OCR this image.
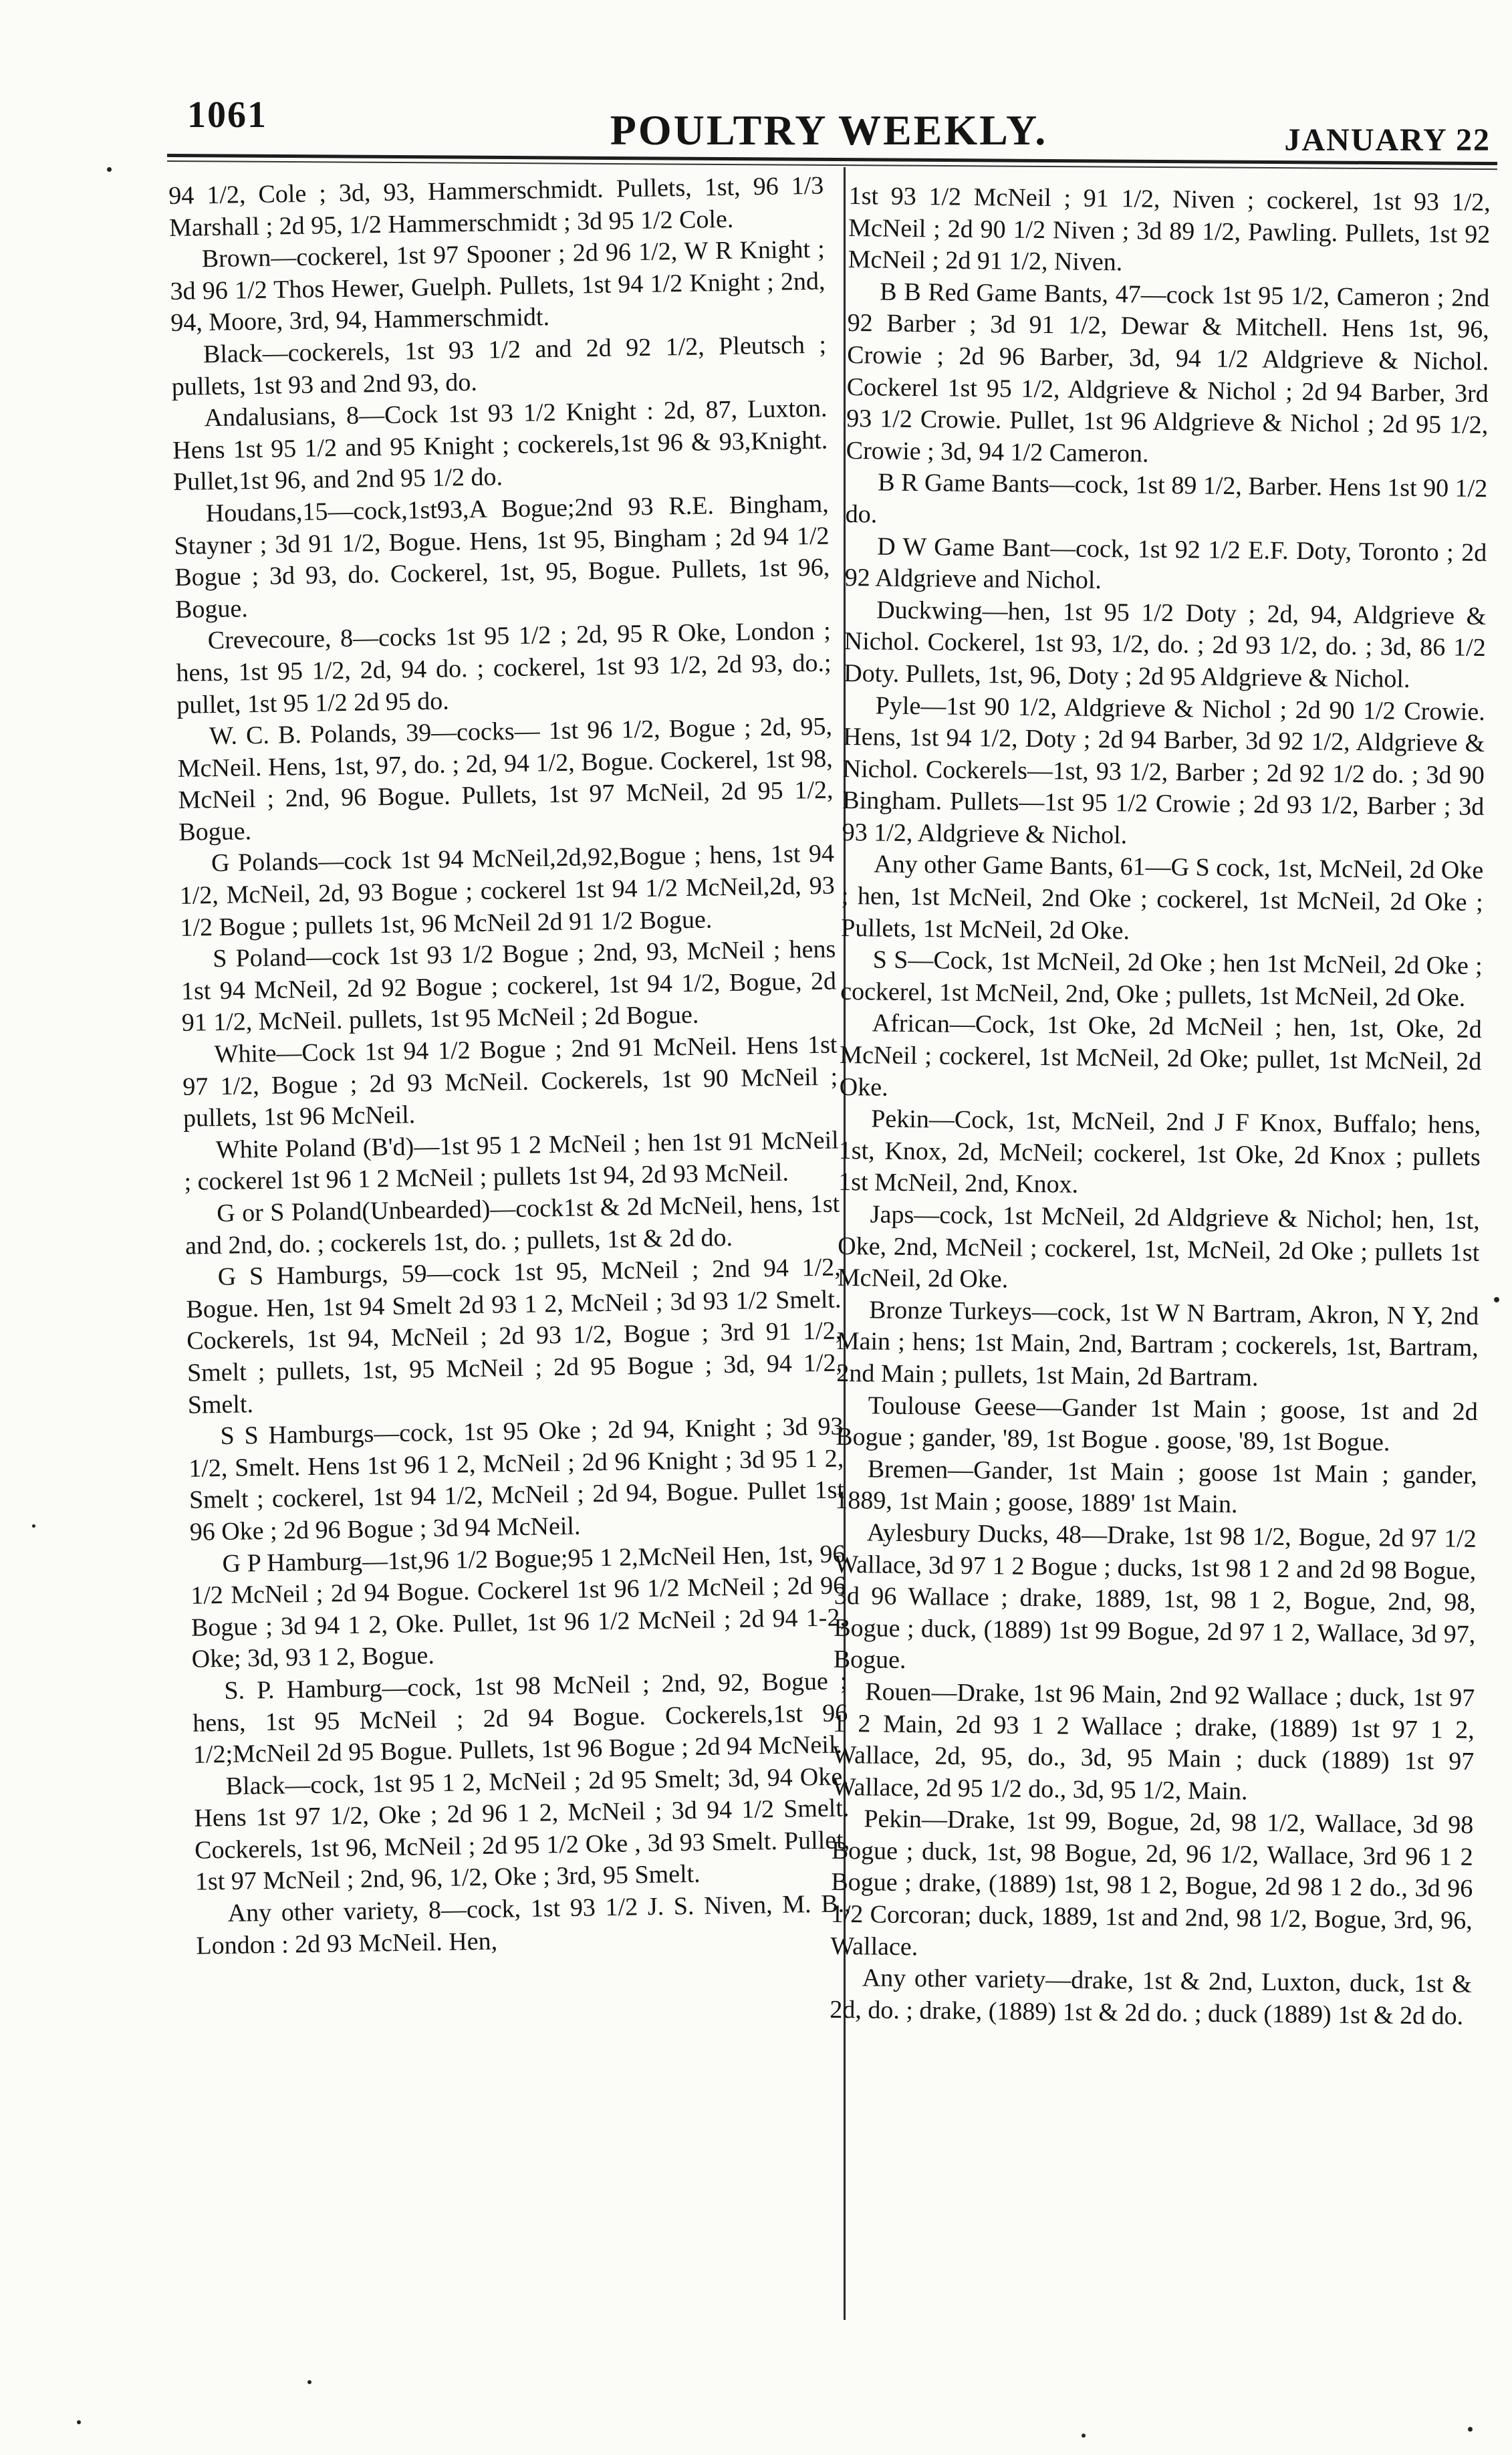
1061	POULTRY WEEKLY.	JANUARY 22

94 1/2, Cole ; 3d, 93, Hammerschmidt. Pullets, 1st, 96 1/3 Marshall ; 2d 95, 1/2 Hammerschmidt ; 3d 95 1/2 Cole.

Brown—cockerel, 1st 97 Spooner ; 2d 96 1/2, W R Knight ; 3d 96 1/2 Thos Hewer, Guelph. Pullets, 1st 94 1/2 Knight ; 2nd, 94, Moore, 3rd, 94, Hammerschmidt.

Black—cockerels, 1st 93 1/2 and 2d 92 1/2, Pleutsch ; pullets, 1st 93 and 2nd 93, do.

Andalusians, 8—Cock 1st 93 1/2 Knight : 2d, 87, Luxton. Hens 1st 95 1/2 and 95 Knight ; cockerels,1st 96 & 93,Knight. Pullet,1st 96, and 2nd 95 1/2 do.

Houdans,15—cock,1st93,A Bogue;2nd 93 R.E. Bingham, Stayner ; 3d 91 1/2, Bogue. Hens, 1st 95, Bingham ; 2d 94 1/2 Bogue ; 3d 93, do. Cockerel, 1st, 95, Bogue. Pullets, 1st 96, Bogue.

Crevecoure, 8—cocks 1st 95 1/2 ; 2d, 95 R Oke, London ; hens, 1st 95 1/2, 2d, 94 do. ; cockerel, 1st 93 1/2, 2d 93, do.; pullet, 1st 95 1/2 2d 95 do.

W. C. B. Polands, 39—cocks— 1st 96 1/2, Bogue ; 2d, 95, McNeil. Hens, 1st, 97, do. ; 2d, 94 1/2, Bogue. Cockerel, 1st 98, McNeil ; 2nd, 96 Bogue. Pullets, 1st 97 McNeil, 2d 95 1/2, Bogue.

G Polands—cock 1st 94 McNeil,2d,92,Bogue ; hens, 1st 94 1/2, McNeil, 2d, 93 Bogue ; cockerel 1st 94 1/2 McNeil,2d, 93 1/2 Bogue ; pullets 1st, 96 McNeil 2d 91 1/2 Bogue.

S Poland—cock 1st 93 1/2 Bogue ; 2nd, 93, McNeil ; hens 1st 94 McNeil, 2d 92 Bogue ; cockerel, 1st 94 1/2, Bogue, 2d 91 1/2, McNeil. pullets, 1st 95 McNeil ; 2d Bogue.

White—Cock 1st 94 1/2 Bogue ; 2nd 91 McNeil. Hens 1st 97 1/2, Bogue ; 2d 93 McNeil. Cockerels, 1st 90 McNeil ; pullets, 1st 96 McNeil.

White Poland (B'd)—1st 95 1 2 McNeil ; hen 1st 91 McNeil ; cockerel 1st 96 1 2 McNeil ; pullets 1st 94, 2d 93 McNeil.

G or S Poland(Unbearded)—cock1st & 2d McNeil, hens, 1st and 2nd, do. ; cockerels 1st, do. ; pullets, 1st & 2d do.

G S Hamburgs, 59—cock 1st 95, McNeil ; 2nd 94 1/2, Bogue. Hen, 1st 94 Smelt 2d 93 1 2, McNeil ; 3d 93 1/2 Smelt. Cockerels, 1st 94, McNeil ; 2d 93 1/2, Bogue ; 3rd 91 1/2, Smelt ; pullets, 1st, 95 McNeil ; 2d 95 Bogue ; 3d, 94 1/2, Smelt.

S S Hamburgs—cock, 1st 95 Oke ; 2d 94, Knight ; 3d 93 1/2, Smelt. Hens 1st 96 1 2, McNeil ; 2d 96 Knight ; 3d 95 1 2, Smelt ; cockerel, 1st 94 1/2, McNeil ; 2d 94, Bogue. Pullet 1st 96 Oke ; 2d 96 Bogue ; 3d 94 McNeil.

G P Hamburg—1st,96 1/2 Bogue;95 1 2,McNeil Hen, 1st, 96 1/2 McNeil ; 2d 94 Bogue. Cockerel 1st 96 1/2 McNeil ; 2d 96 Bogue ; 3d 94 1 2, Oke. Pullet, 1st 96 1/2 McNeil ; 2d 94 1-2, Oke; 3d, 93 1 2, Bogue.

S. P. Hamburg—cock, 1st 98 McNeil ; 2nd, 92, Bogue ; hens, 1st 95 McNeil ; 2d 94 Bogue. Cockerels,1st 96 1/2;McNeil 2d 95 Bogue. Pullets, 1st 96 Bogue ; 2d 94 McNeil.

Black—cock, 1st 95 1 2, McNeil ; 2d 95 Smelt; 3d, 94 Oke. Hens 1st 97 1/2, Oke ; 2d 96 1 2, McNeil ; 3d 94 1/2 Smelt. Cockerels, 1st 96, McNeil ; 2d 95 1/2 Oke , 3d 93 Smelt. Pullet, 1st 97 McNeil ; 2nd, 96, 1/2, Oke ; 3rd, 95 Smelt.

Any other variety, 8—cock, 1st 93 1/2 J. S. Niven, M. B., London : 2d 93 McNeil. Hen,

1st 93 1/2 McNeil ; 91 1/2, Niven ; cockerel, 1st 93 1/2, McNeil ; 2d 90 1/2 Niven ; 3d 89 1/2, Pawling. Pullets, 1st 92 McNeil ; 2d 91 1/2, Niven.

B B Red Game Bants, 47—cock 1st 95 1/2, Cameron ; 2nd 92 Barber ; 3d 91 1/2, Dewar & Mitchell. Hens 1st, 96, Crowie ; 2d 96 Barber, 3d, 94 1/2 Aldgrieve & Nichol. Cockerel 1st 95 1/2, Aldgrieve & Nichol ; 2d 94 Barber, 3rd 93 1/2 Crowie. Pullet, 1st 96 Aldgrieve & Nichol ; 2d 95 1/2, Crowie ; 3d, 94 1/2 Cameron.

B R Game Bants—cock, 1st 89 1/2, Barber. Hens 1st 90 1/2 do.

D W Game Bant—cock, 1st 92 1/2 E.F. Doty, Toronto ; 2d 92 Aldgrieve and Nichol.

Duckwing—hen, 1st 95 1/2 Doty ; 2d, 94, Aldgrieve & Nichol. Cockerel, 1st 93, 1/2, do. ; 2d 93 1/2, do. ; 3d, 86 1/2 Doty. Pullets, 1st, 96, Doty ; 2d 95 Aldgrieve & Nichol.

Pyle—1st 90 1/2, Aldgrieve & Nichol ; 2d 90 1/2 Crowie. Hens, 1st 94 1/2, Doty ; 2d 94 Barber, 3d 92 1/2, Aldgrieve & Nichol. Cockerels—1st, 93 1/2, Barber ; 2d 92 1/2 do. ; 3d 90 Bingham. Pullets—1st 95 1/2 Crowie ; 2d 93 1/2, Barber ; 3d 93 1/2, Aldgrieve & Nichol.

Any other Game Bants, 61—G S cock, 1st, McNeil, 2d Oke ; hen, 1st McNeil, 2nd Oke ; cockerel, 1st McNeil, 2d Oke ; Pullets, 1st McNeil, 2d Oke.

S S—Cock, 1st McNeil, 2d Oke ; hen 1st McNeil, 2d Oke ; cockerel, 1st McNeil, 2nd, Oke ; pullets, 1st McNeil, 2d Oke.

African—Cock, 1st Oke, 2d McNeil ; hen, 1st, Oke, 2d McNeil ; cockerel, 1st McNeil, 2d Oke; pullet, 1st McNeil, 2d Oke.

Pekin—Cock, 1st, McNeil, 2nd J F Knox, Buffalo; hens, 1st, Knox, 2d, McNeil; cockerel, 1st Oke, 2d Knox ; pullets 1st McNeil, 2nd, Knox.

Japs—cock, 1st McNeil, 2d Aldgrieve & Nichol; hen, 1st, Oke, 2nd, McNeil ; cockerel, 1st, McNeil, 2d Oke ; pullets 1st McNeil, 2d Oke.

Bronze Turkeys—cock, 1st W N Bartram, Akron, N Y, 2nd Main ; hens; 1st Main, 2nd, Bartram ; cockerels, 1st, Bartram, 2nd Main ; pullets, 1st Main, 2d Bartram.

Toulouse Geese—Gander 1st Main ; goose, 1st and 2d Bogue ; gander, '89, 1st Bogue . goose, '89, 1st Bogue.

Bremen—Gander, 1st Main ; goose 1st Main ; gander, 1889, 1st Main ; goose, 1889' 1st Main.

Aylesbury Ducks, 48—Drake, 1st 98 1/2, Bogue, 2d 97 1/2 Wallace, 3d 97 1 2 Bogue ; ducks, 1st 98 1 2 and 2d 98 Bogue, 3d 96 Wallace ; drake, 1889, 1st, 98 1 2, Bogue, 2nd, 98, Bogue ; duck, (1889) 1st 99 Bogue, 2d 97 1 2, Wallace, 3d 97, Bogue.

Rouen—Drake, 1st 96 Main, 2nd 92 Wallace ; duck, 1st 97 1 2 Main, 2d 93 1 2 Wallace ; drake, (1889) 1st 97 1 2, Wallace, 2d, 95, do., 3d, 95 Main ; duck (1889) 1st 97 Wallace, 2d 95 1/2 do., 3d, 95 1/2, Main.

Pekin—Drake, 1st 99, Bogue, 2d, 98 1/2, Wallace, 3d 98 Bogue ; duck, 1st, 98 Bogue, 2d, 96 1/2, Wallace, 3rd 96 1 2 Bogue ; drake, (1889) 1st, 98 1 2, Bogue, 2d 98 1 2 do., 3d 96 1/2 Corcoran; duck, 1889, 1st and 2nd, 98 1/2, Bogue, 3rd, 96, Wallace.

Any other variety—drake, 1st & 2nd, Luxton, duck, 1st & 2d, do. ; drake, (1889) 1st & 2d do. ; duck (1889) 1st & 2d do.
